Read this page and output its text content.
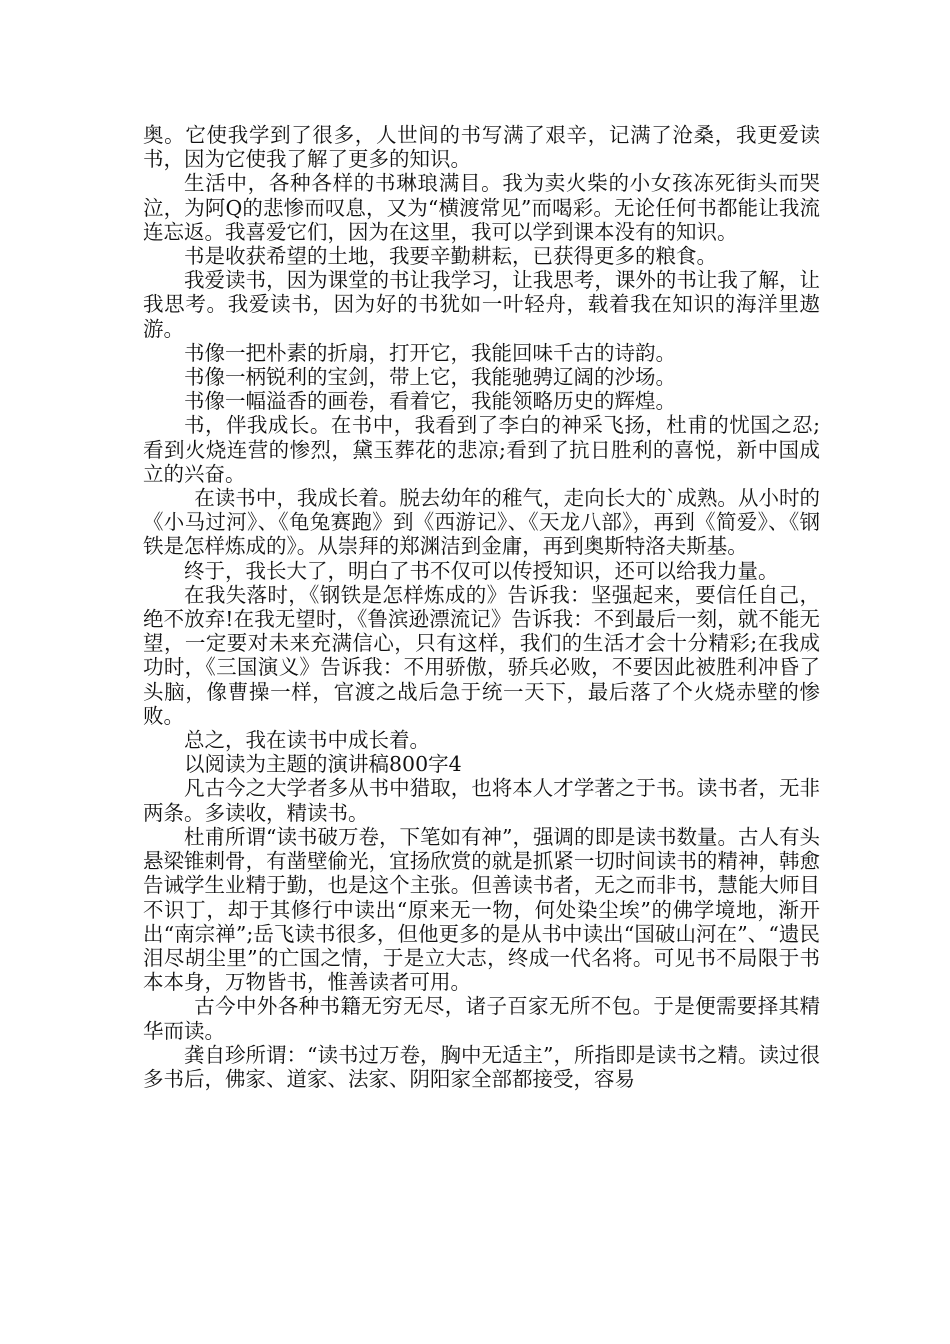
奥。它使我学到了很多，人世间的书写满了艰辛，记满了沧桑，我更爱读书，因为它使我了解了更多的知识。

生活中，各种各样的书琳琅满目。我为卖火柴的小女孩冻死街头而哭泣，为阿Q的悲惨而叹息，又为“横渡常见”而喝彩。无论任何书都能让我流连忘返。我喜爱它们，因为在这里，我可以学到课本没有的知识。

书是收获希望的土地，我要辛勤耕耘，已获得更多的粮食。

我爱读书，因为课堂的书让我学习，让我思考，课外的书让我了解，让我思考。我爱读书，因为好的书犹如一叶轻舟，载着我在知识的海洋里遨游。

书像一把朴素的折扇，打开它，我能回味千古的诗韵。

书像一柄锐利的宝剑，带上它，我能驰骋辽阔的沙场。

书像一幅溢香的画卷，看着它，我能领略历史的辉煌。

书，伴我成长。在书中，我看到了李白的神采飞扬，杜甫的忧国之忍;看到火烧连营的惨烈，黛玉葬花的悲凉;看到了抗日胜利的喜悦，新中国成立的兴奋。

在读书中，我成长着。脱去幼年的稚气，走向长大的`成熟。从小时的《小马过河》、《龟兔赛跑》到《西游记》、《天龙八部》，再到《简爱》、《钢铁是怎样炼成的》。从崇拜的郑渊洁到金庸，再到奥斯特洛夫斯基。

终于，我长大了，明白了书不仅可以传授知识，还可以给我力量。

在我失落时，《钢铁是怎样炼成的》告诉我：坚强起来，要信任自己，绝不放弃!在我无望时，《鲁滨逊漂流记》告诉我：不到最后一刻，就不能无望，一定要对未来充满信心，只有这样，我们的生活才会十分精彩;在我成功时，《三国演义》告诉我：不用骄傲，骄兵必败，不要因此被胜利冲昏了头脑，像曹操一样，官渡之战后急于统一天下，最后落了个火烧赤壁的惨败。

总之，我在读书中成长着。

以阅读为主题的演讲稿800字4

凡古今之大学者多从书中猎取，也将本人才学著之于书。读书者，无非两条。多读收，精读书。

杜甫所谓“读书破万卷，下笔如有神”，强调的即是读书数量。古人有头悬梁锥刺骨，有凿壁偷光，宜扬欣赏的就是抓紧一切时间读书的精神，韩愈告诫学生业精于勤，也是这个主张。但善读书者，无之而非书，慧能大师目不识丁，却于其修行中读出“原来无一物，何处染尘埃”的佛学境地，渐开出“南宗禅”;岳飞读书很多，但他更多的是从书中读出“国破山河在”、“遗民泪尽胡尘里”的亡国之情，于是立大志，终成一代名将。可见书不局限于书本本身，万物皆书，惟善读者可用。

古今中外各种书籍无穷无尽，诸子百家无所不包。于是便需要择其精华而读。

龚自珍所谓：“读书过万卷，胸中无适主”，所指即是读书之精。读过很多书后，佛家、道家、法家、阴阳家全部都接受，容易
